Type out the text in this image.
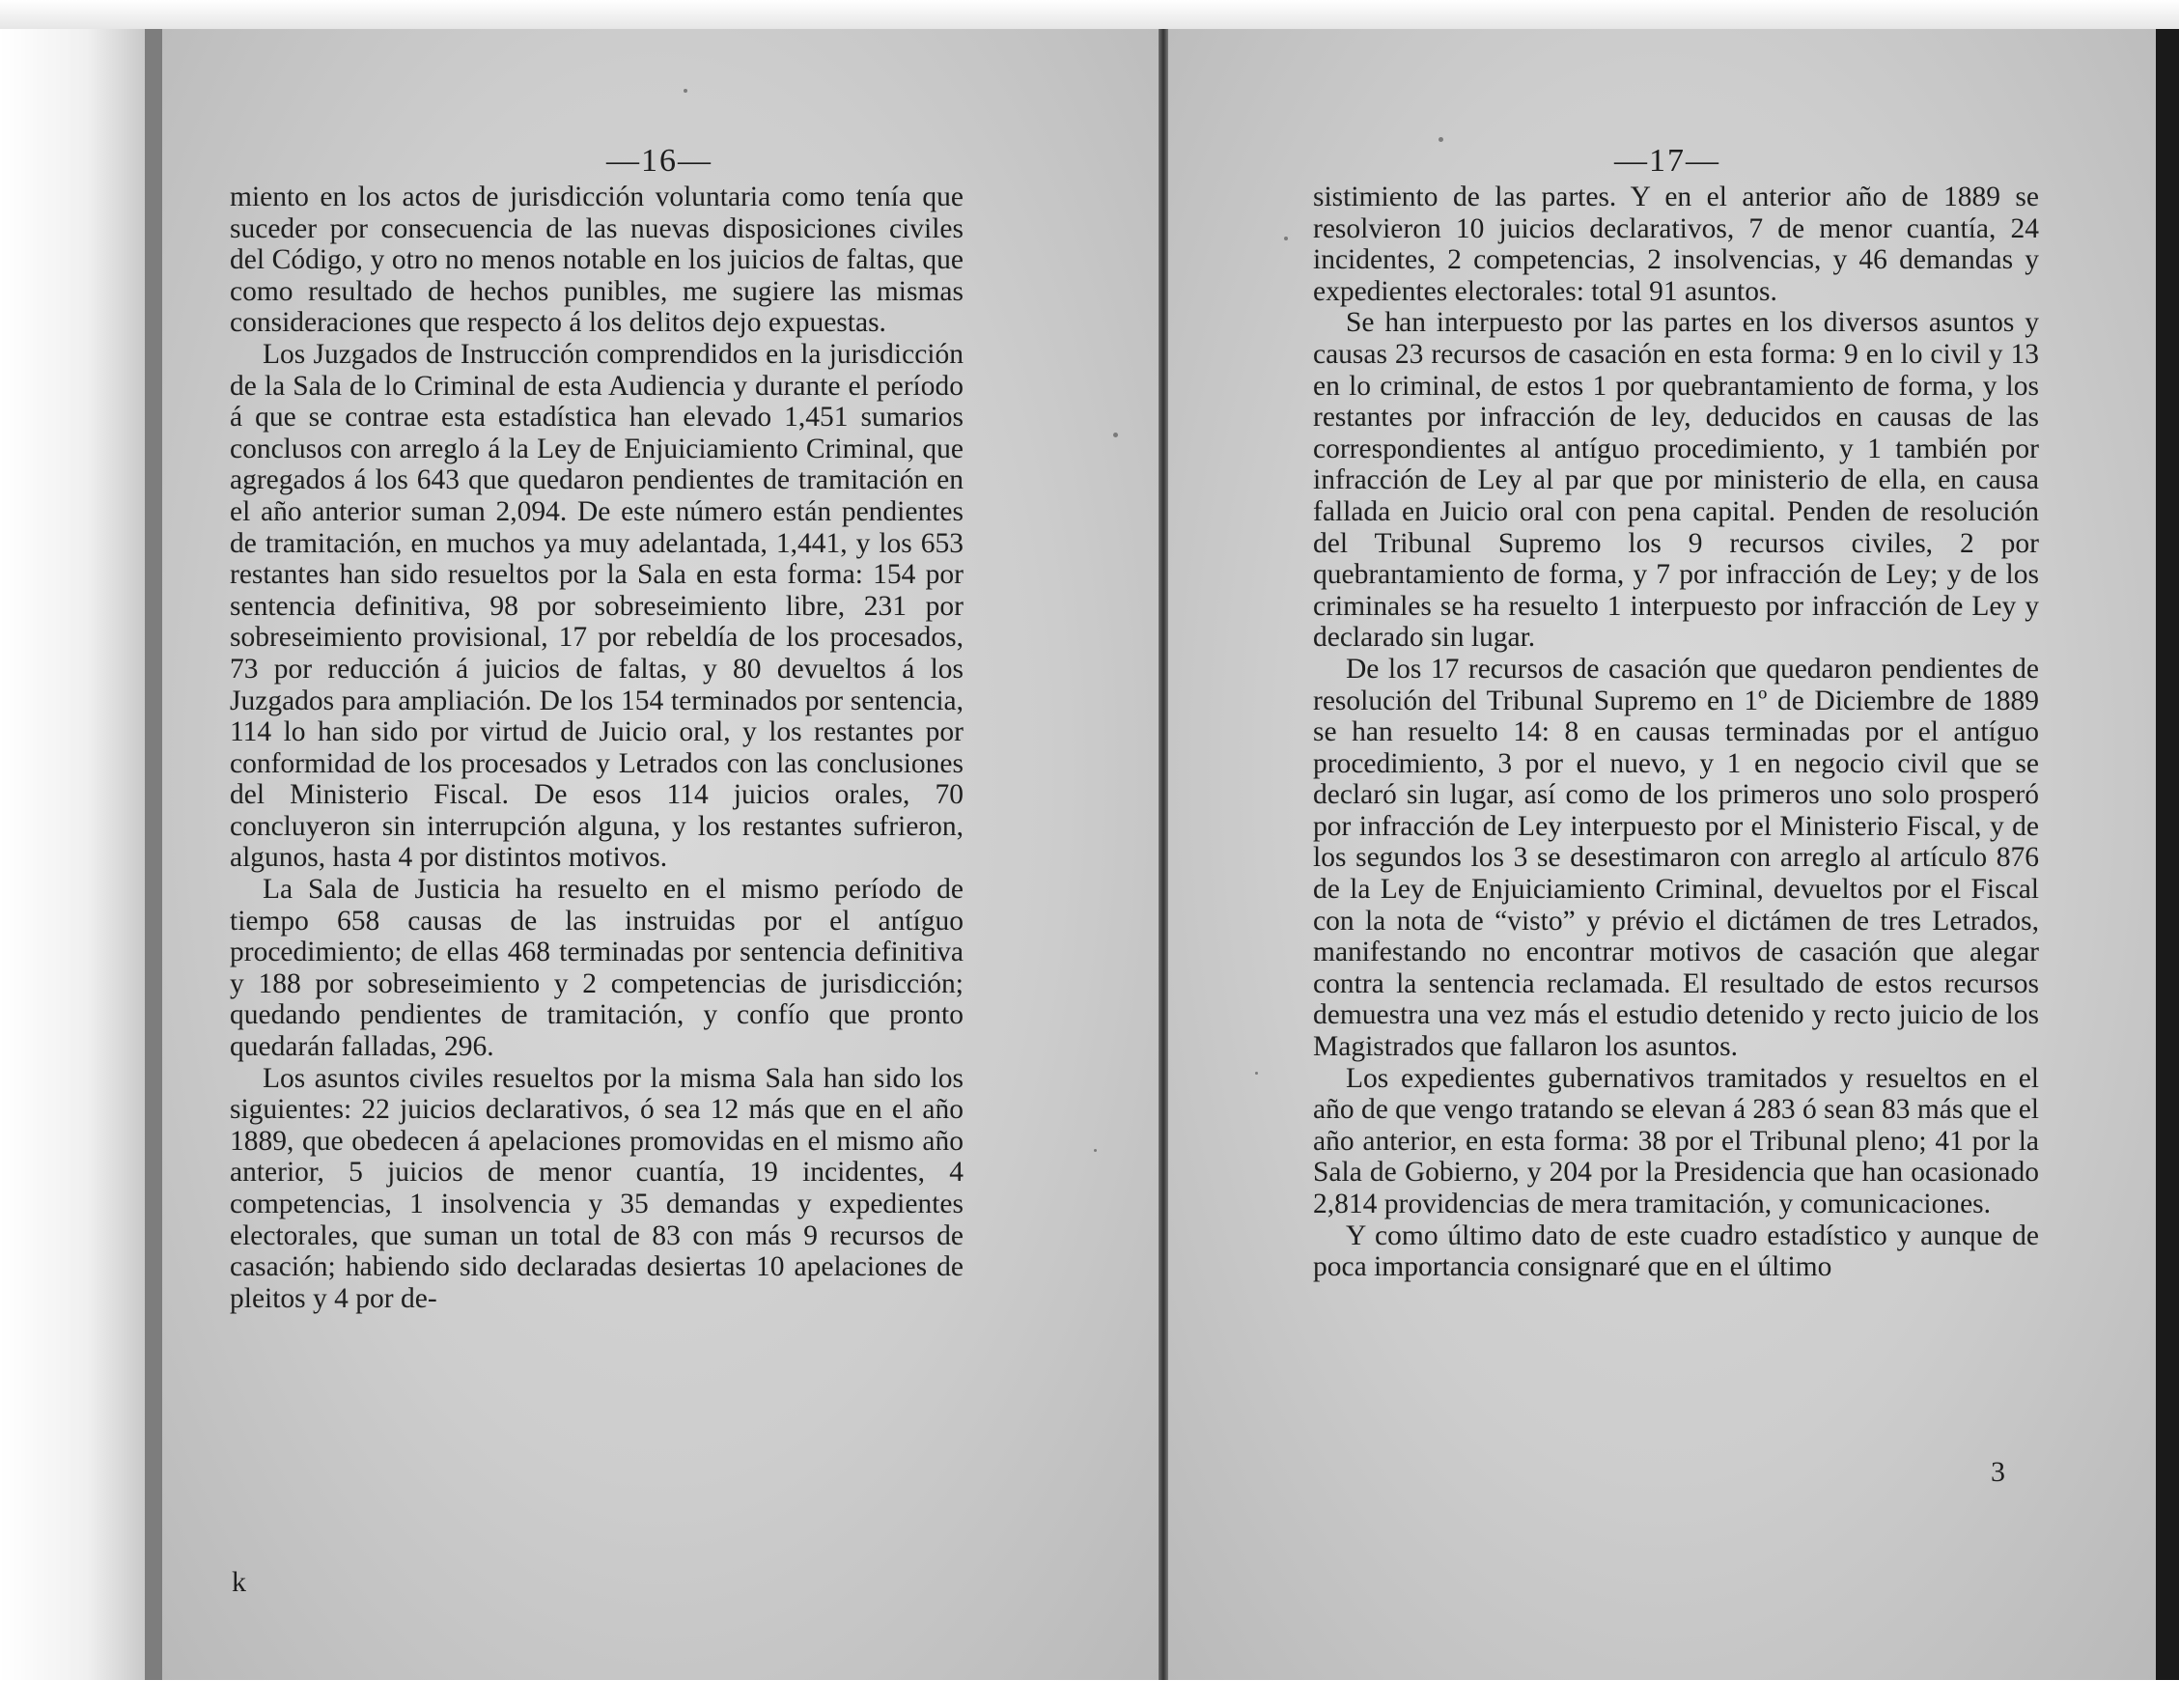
—16—

miento en los actos de jurisdicción voluntaria como tenía que suceder por consecuencia de las nuevas disposiciones civiles del Código, y otro no menos notable en los juicios de faltas, que como resultado de hechos punibles, me sugiere las mismas consideraciones que respecto á los delitos dejo expuestas.

Los Juzgados de Instrucción comprendidos en la jurisdicción de la Sala de lo Criminal de esta Audiencia y durante el período á que se contrae esta estadística han elevado 1,451 sumarios conclusos con arreglo á la Ley de Enjuiciamiento Criminal, que agregados á los 643 que quedaron pendientes de tramitación en el año anterior suman 2,094. De este número están pendientes de tramitación, en muchos ya muy adelantada, 1,441, y los 653 restantes han sido resueltos por la Sala en esta forma: 154 por sentencia definitiva, 98 por sobreseimiento libre, 231 por sobreseimiento provisional, 17 por rebeldía de los procesados, 73 por reducción á juicios de faltas, y 80 devueltos á los Juzgados para ampliación. De los 154 terminados por sentencia, 114 lo han sido por virtud de Juicio oral, y los restantes por conformidad de los procesados y Letrados con las conclusiones del Ministerio Fiscal. De esos 114 juicios orales, 70 concluyeron sin interrupción alguna, y los restantes sufrieron, algunos, hasta 4 por distintos motivos.

La Sala de Justicia ha resuelto en el mismo período de tiempo 658 causas de las instruidas por el antíguo procedimiento; de ellas 468 terminadas por sentencia definitiva y 188 por sobreseimiento y 2 competencias de jurisdicción; quedando pendientes de tramitación, y confío que pronto quedarán falladas, 296.

Los asuntos civiles resueltos por la misma Sala han sido los siguientes: 22 juicios declarativos, ó sea 12 más que en el año 1889, que obedecen á apelaciones promovidas en el mismo año anterior, 5 juicios de menor cuantía, 19 incidentes, 4 competencias, 1 insolvencia y 35 demandas y expedientes electorales, que suman un total de 83 con más 9 recursos de casación; habiendo sido declaradas desiertas 10 apelaciones de pleitos y 4 por de-

k
—17—

sistimiento de las partes. Y en el anterior año de 1889 se resolvieron 10 juicios declarativos, 7 de menor cuantía, 24 incidentes, 2 competencias, 2 insolvencias, y 46 demandas y expedientes electorales: total 91 asuntos.

Se han interpuesto por las partes en los diversos asuntos y causas 23 recursos de casación en esta forma: 9 en lo civil y 13 en lo criminal, de estos 1 por quebrantamiento de forma, y los restantes por infracción de ley, deducidos en causas de las correspondientes al antíguo procedimiento, y 1 también por infracción de Ley al par que por ministerio de ella, en causa fallada en Juicio oral con pena capital. Penden de resolución del Tribunal Supremo los 9 recursos civiles, 2 por quebrantamiento de forma, y 7 por infracción de Ley; y de los criminales se ha resuelto 1 interpuesto por infracción de Ley y declarado sin lugar.

De los 17 recursos de casación que quedaron pendientes de resolución del Tribunal Supremo en 1º de Diciembre de 1889 se han resuelto 14: 8 en causas terminadas por el antíguo procedimiento, 3 por el nuevo, y 1 en negocio civil que se declaró sin lugar, así como de los primeros uno solo prosperó por infracción de Ley interpuesto por el Ministerio Fiscal, y de los segundos los 3 se desestimaron con arreglo al artículo 876 de la Ley de Enjuiciamiento Criminal, devueltos por el Fiscal con la nota de “visto” y prévio el dictámen de tres Letrados, manifestando no encontrar motivos de casación que alegar contra la sentencia reclamada. El resultado de estos recursos demuestra una vez más el estudio detenido y recto juicio de los Magistrados que fallaron los asuntos.

Los expedientes gubernativos tramitados y resueltos en el año de que vengo tratando se elevan á 283 ó sean 83 más que el año anterior, en esta forma: 38 por el Tribunal pleno; 41 por la Sala de Gobierno, y 204 por la Presidencia que han ocasionado 2,814 providencias de mera tramitación, y comunicaciones.

Y como último dato de este cuadro estadístico y aunque de poca importancia consignaré que en el último

3
